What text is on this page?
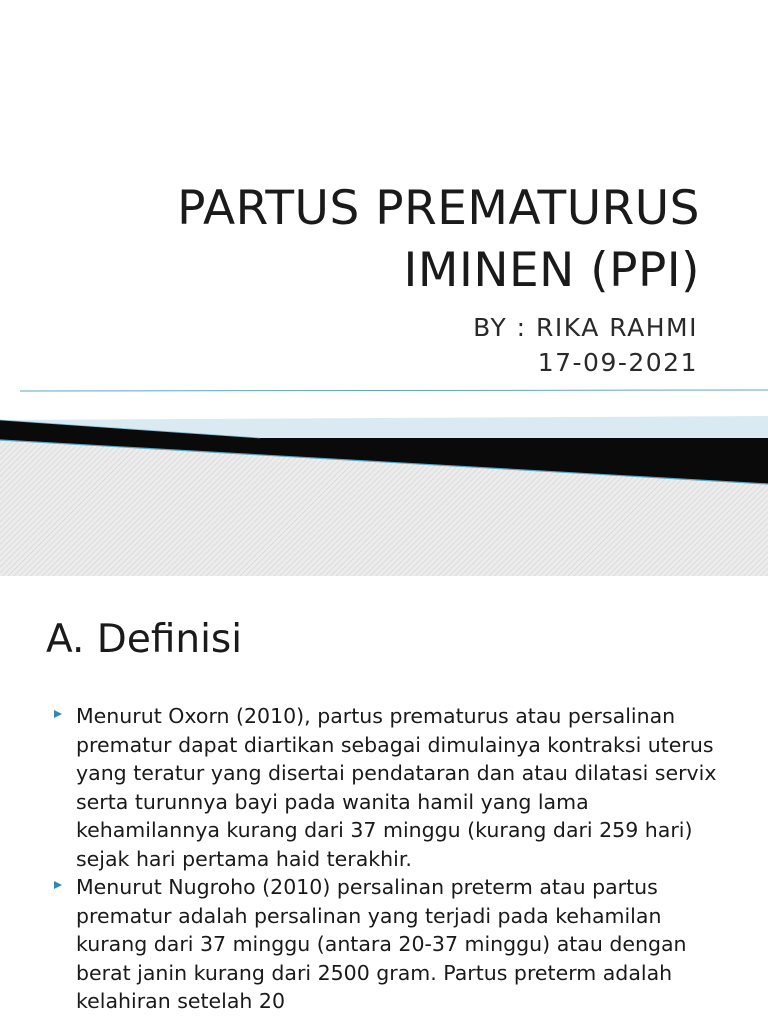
PARTUS PREMATURUS
IMINEN (PPI)
BY : RIKA RAHMI
17-09-2021
A. Definisi
Menurut Oxorn (2010), partus prematurus atau persalinan prematur dapat diartikan sebagai dimulainya kontraksi uterus yang teratur yang disertai pendataran dan atau dilatasi servix serta turunnya bayi pada wanita hamil yang lama kehamilannya kurang dari 37 minggu (kurang dari 259 hari) sejak hari pertama haid terakhir.
Menurut Nugroho (2010) persalinan preterm atau partus prematur adalah persalinan yang terjadi pada kehamilan kurang dari 37 minggu (antara 20-37 minggu) atau dengan berat janin kurang dari 2500 gram. Partus preterm adalah kelahiran setelah 20
